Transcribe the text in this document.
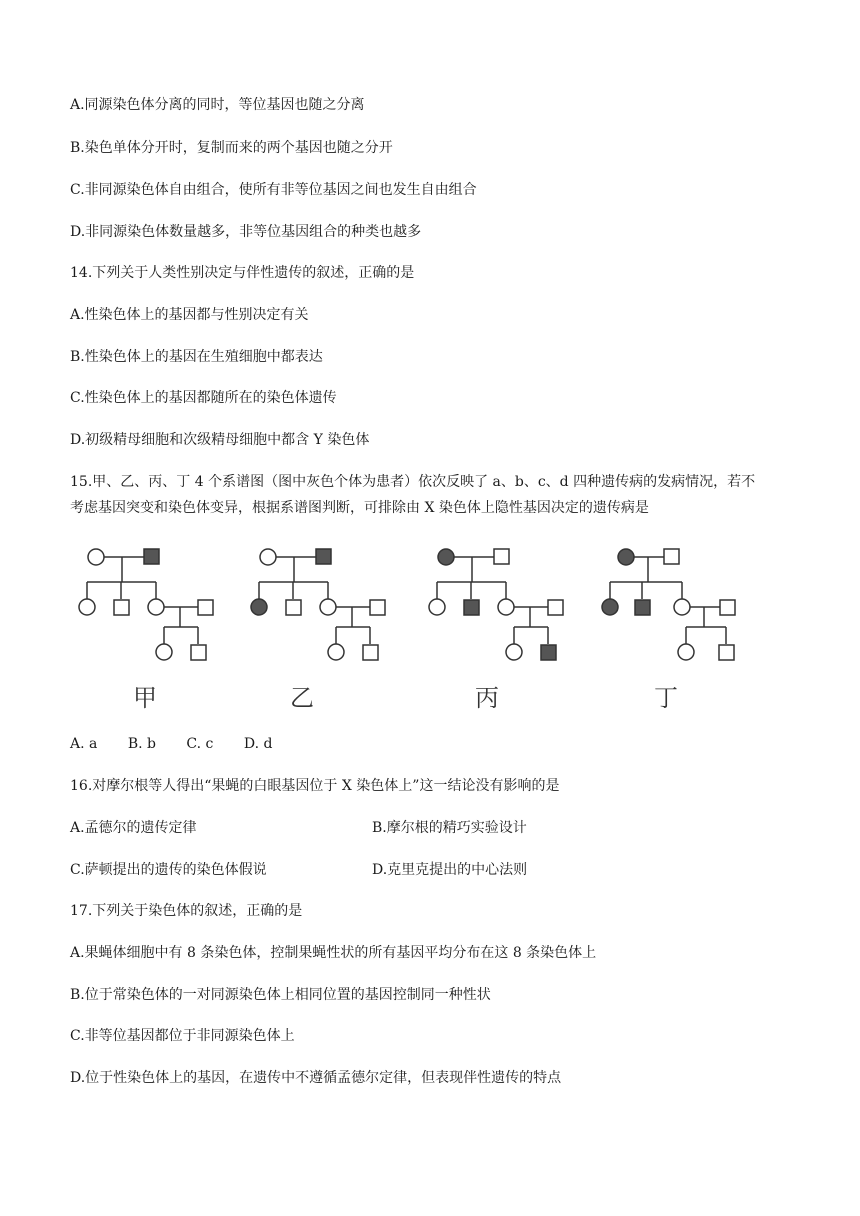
A.同源染色体分离的同时，等位基因也随之分离
B.染色单体分开时，复制而来的两个基因也随之分开
C.非同源染色体自由组合，使所有非等位基因之间也发生自由组合
D.非同源染色体数量越多，非等位基因组合的种类也越多
14.下列关于人类性别决定与伴性遗传的叙述，正确的是
A.性染色体上的基因都与性别决定有关
B.性染色体上的基因在生殖细胞中都表达
C.性染色体上的基因都随所在的染色体遗传
D.初级精母细胞和次级精母细胞中都含 Y 染色体
15.甲、乙、丙、丁 4 个系谱图（图中灰色个体为患者）依次反映了 a、b、c、d 四种遗传病的发病情况，若不
考虑基因突变和染色体变异，根据系谱图判断，可排除由 X 染色体上隐性基因决定的遗传病是
甲	乙	丙	丁
A. a B. b C. c D. d
16.对摩尔根等人得出“果蝇的白眼基因位于 X 染色体上”这一结论没有影响的是
A.孟德尔的遗传定律	B.摩尔根的精巧实验设计
C.萨顿提出的遗传的染色体假说	D.克里克提出的中心法则
17.下列关于染色体的叙述，正确的是
A.果蝇体细胞中有 8 条染色体，控制果蝇性状的所有基因平均分布在这 8 条染色体上
B.位于常染色体的一对同源染色体上相同位置的基因控制同一种性状
C.非等位基因都位于非同源染色体上
D.位于性染色体上的基因，在遗传中不遵循孟德尔定律，但表现伴性遗传的特点
